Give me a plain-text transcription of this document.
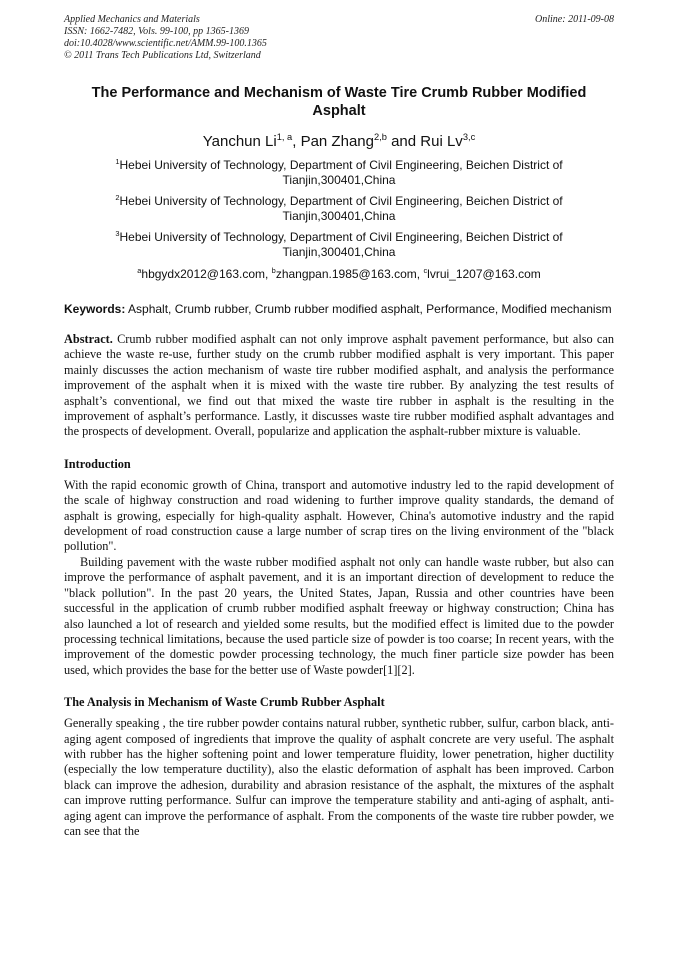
Applied Mechanics and Materials
ISSN: 1662-7482, Vols. 99-100, pp 1365-1369
doi:10.4028/www.scientific.net/AMM.99-100.1365
© 2011 Trans Tech Publications Ltd, Switzerland
Online: 2011-09-08
The Performance and Mechanism of Waste Tire Crumb Rubber Modified Asphalt
Yanchun Li$^{1, a}$, Pan Zhang$^{2,b}$ and Rui Lv$^{3,c}$
$^1$Hebei University of Technology, Department of Civil Engineering, Beichen District of Tianjin,300401,China
$^2$Hebei University of Technology, Department of Civil Engineering, Beichen District of Tianjin,300401,China
$^3$Hebei University of Technology, Department of Civil Engineering, Beichen District of Tianjin,300401,China
$^a$hbgydx2012@163.com, $^b$zhangpan.1985@163.com, $^c$lvrui_1207@163.com
Keywords: Asphalt, Crumb rubber, Crumb rubber modified asphalt, Performance, Modified mechanism
Abstract. Crumb rubber modified asphalt can not only improve asphalt pavement performance, but also can achieve the waste re-use, further study on the crumb rubber modified asphalt is very important. This paper mainly discusses the action mechanism of waste tire rubber modified asphalt, and analysis the performance improvement of the asphalt when it is mixed with the waste tire rubber. By analyzing the test results of asphalt’s conventional, we find out that mixed the waste tire rubber in asphalt is the resulting in the improvement of asphalt’s performance. Lastly, it discusses waste tire rubber modified asphalt advantages and the prospects of development. Overall, popularize and application the asphalt-rubber mixture is valuable.
Introduction
With the rapid economic growth of China, transport and automotive industry led to the rapid development of the scale of highway construction and road widening to further improve quality standards, the demand of asphalt is growing, especially for high-quality asphalt. However, China's automotive industry and the rapid development of road construction cause a large number of scrap tires on the living environment of the "black pollution".
Building pavement with the waste rubber modified asphalt not only can handle waste rubber, but also can improve the performance of asphalt pavement, and it is an important direction of development to reduce the "black pollution". In the past 20 years, the United States, Japan, Russia and other countries have been successful in the application of crumb rubber modified asphalt freeway or highway construction; China has also launched a lot of research and yielded some results, but the modified effect is limited due to the powder processing technical limitations, because the used particle size of powder is too coarse; In recent years, with the improvement of the domestic powder processing technology, the much finer particle size powder has been used, which provides the base for the better use of Waste powder[1][2].
The Analysis in Mechanism of Waste Crumb Rubber Asphalt
Generally speaking , the tire rubber powder contains natural rubber, synthetic rubber, sulfur, carbon black, anti-aging agent composed of ingredients that improve the quality of asphalt concrete are very useful. The asphalt with rubber has the higher softening point and lower temperature fluidity, lower penetration, higher ductility (especially the low temperature ductility), also the elastic deformation of asphalt has been improved. Carbon black can improve the adhesion, durability and abrasion resistance of the asphalt, the mixtures of the asphalt can improve rutting performance. Sulfur can improve the temperature stability and anti-aging of asphalt, anti-aging agent can improve the performance of asphalt. From the components of the waste tire rubber powder, we can see that the
